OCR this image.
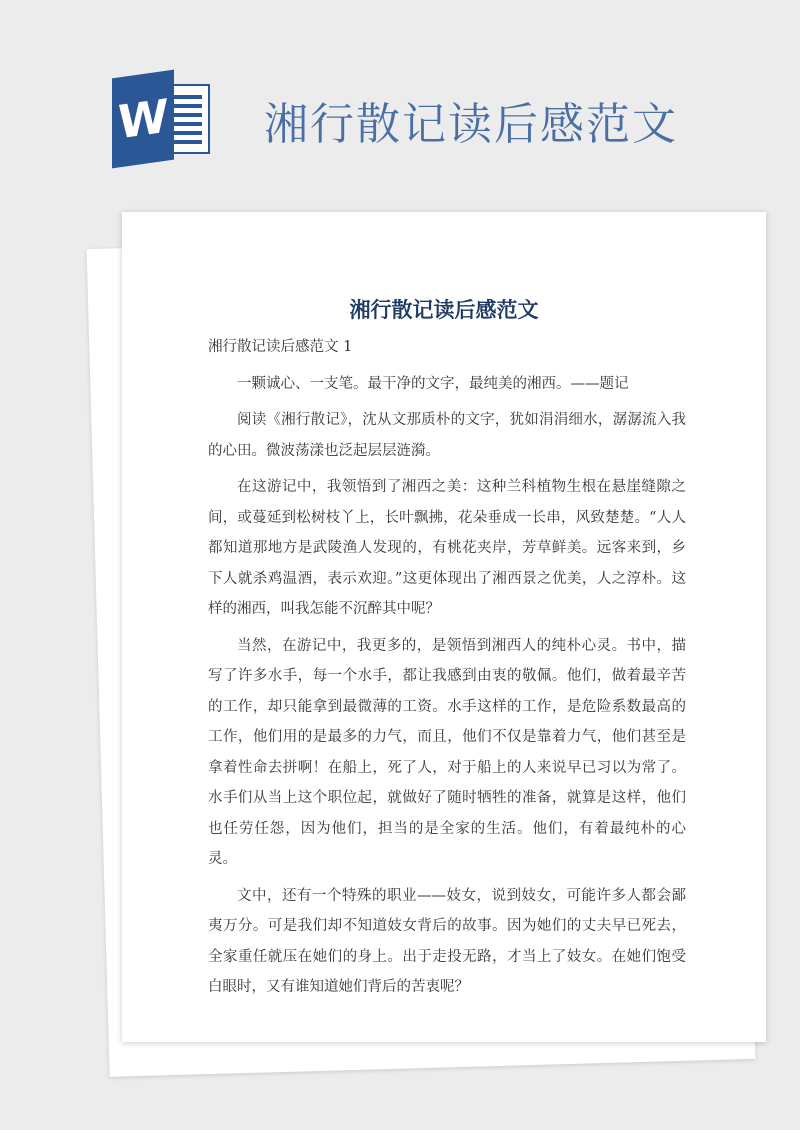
W 湘行散记读后感范文
湘行散记读后感范文

湘行散记读后感范文 1

一颗诚心、一支笔。最干净的文字，最纯美的湘西。——题记

阅读《湘行散记》，沈从文那质朴的文字，犹如涓涓细水，潺潺流入我的心田。微波荡漾也泛起层层涟漪。

在这游记中，我领悟到了湘西之美：这种兰科植物生根在悬崖缝隙之间，或蔓延到松树枝丫上，长叶飘拂，花朵垂成一长串，风致楚楚。“人人都知道那地方是武陵渔人发现的，有桃花夹岸，芳草鲜美。远客来到，乡下人就杀鸡温酒，表示欢迎。”这更体现出了湘西景之优美，人之淳朴。这样的湘西，叫我怎能不沉醉其中呢？

当然，在游记中，我更多的，是领悟到湘西人的纯朴心灵。书中，描写了许多水手，每一个水手，都让我感到由衷的敬佩。他们，做着最辛苦的工作，却只能拿到最微薄的工资。水手这样的工作，是危险系数最高的工作，他们用的是最多的力气，而且，他们不仅是靠着力气，他们甚至是拿着性命去拼啊！在船上，死了人，对于船上的人来说早已习以为常了。水手们从当上这个职位起，就做好了随时牺牲的准备，就算是这样，他们也任劳任怨，因为他们，担当的是全家的生活。他们，有着最纯朴的心灵。

文中，还有一个特殊的职业——妓女，说到妓女，可能许多人都会鄙夷万分。可是我们却不知道妓女背后的故事。因为她们的丈夫早已死去，全家重任就压在她们的身上。出于走投无路，才当上了妓女。在她们饱受白眼时，又有谁知道她们背后的苦衷呢？
